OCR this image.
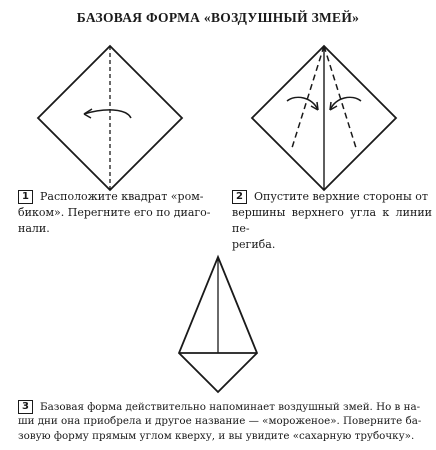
БАЗОВАЯ ФОРМА «ВОЗДУШНЫЙ ЗМЕЙ»
1	Расположите квадрат «ром-
биком». Перегните его по диаго-
нали.
2	Опустите верхние стороны от
вершины верхнего угла к линии пе-
региба.
3	Базовая форма действительно напоминает воздушный змей. Но в на-
ши дни она приобрела и другое название — «мороженое». Поверните ба-
зовую форму прямым углом кверху, и вы увидите «сахарную трубочку».
